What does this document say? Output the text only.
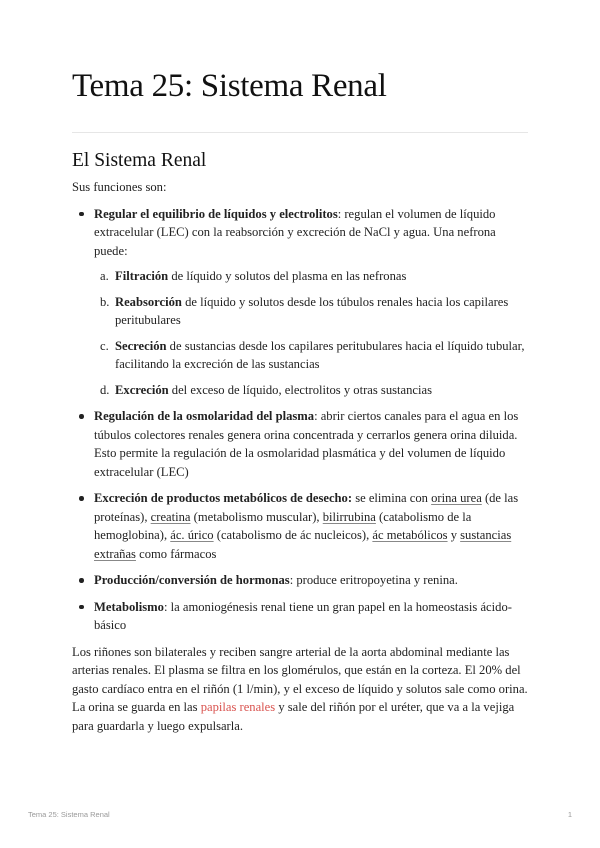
Tema 25: Sistema Renal
El Sistema Renal

Sus funciones son:

Regular el equilibrio de líquidos y electrolitos: regulan el volumen de líquido extracelular (LEC) con la reabsorción y excreción de NaCl y agua. Una nefrona puede:
a. Filtración de líquido y solutos del plasma en las nefronas
b. Reabsorción de líquido y solutos desde los túbulos renales hacia los capilares peritubulares
c. Secreción de sustancias desde los capilares peritubulares hacia el líquido tubular, facilitando la excreción de las sustancias
d. Excreción del exceso de líquido, electrolitos y otras sustancias
Regulación de la osmolaridad del plasma: abrir ciertos canales para el agua en los túbulos colectores renales genera orina concentrada y cerrarlos genera orina diluida. Esto permite la regulación de la osmolaridad plasmática y del volumen de líquido extracelular (LEC)
Excreción de productos metabólicos de desecho: se elimina con orina urea (de las proteínas), creatina (metabolismo muscular), bilirrubina (catabolismo de la hemoglobina), ác. úrico (catabolismo de ác nucleicos), ác metabólicos y sustancias extrañas como fármacos
Producción/conversión de hormonas: produce eritropoyetina y renina.
Metabolismo: la amoniogénesis renal tiene un gran papel en la homeostasis ácido-básico

Los riñones son bilaterales y reciben sangre arterial de la aorta abdominal mediante las arterias renales. El plasma se filtra en los glomérulos, que están en la corteza. El 20% del gasto cardíaco entra en el riñón (1 l/min), y el exceso de líquido y solutos sale como orina. La orina se guarda en las papilas renales y sale del riñón por el uréter, que va a la vejiga para guardarla y luego expulsarla.

Tema 25: Sistema Renal	1
